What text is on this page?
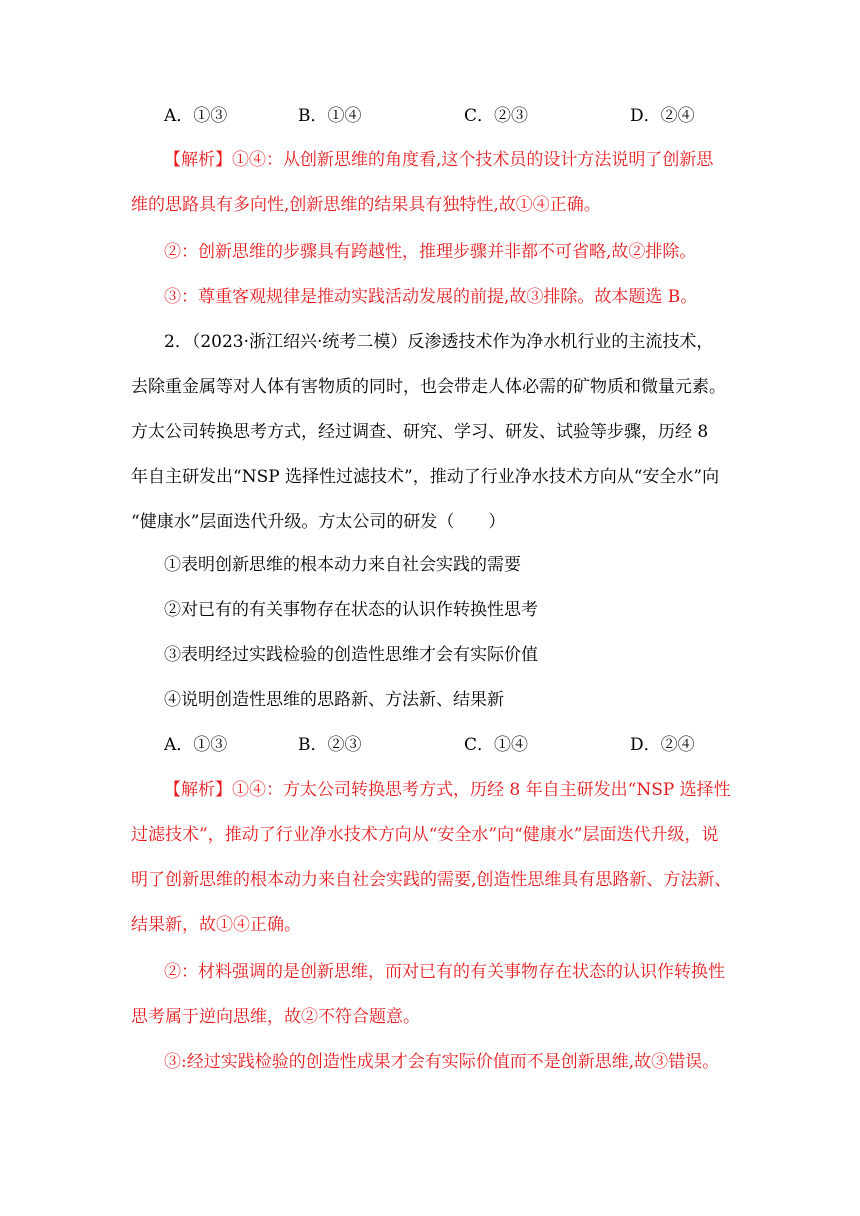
A．①③	B．①④	C．②③	D．②④
【解析】①④：从创新思维的角度看,这个技术员的设计方法说明了创新思
维的思路具有多向性,创新思维的结果具有独特性,故①④正确。
②：创新思维的步骤具有跨越性，推理步骤并非都不可省略,故②排除。
③：尊重客观规律是推动实践活动发展的前提,故③排除。故本题选 B。
2．（2023·浙江绍兴·统考二模）反渗透技术作为净水机行业的主流技术，
去除重金属等对人体有害物质的同时，也会带走人体必需的矿物质和微量元素。
方太公司转换思考方式，经过调查、研究、学习、研发、试验等步骤，历经 8
年自主研发出“NSP 选择性过滤技术”，推动了行业净水技术方向从“安全水”向
“健康水”层面迭代升级。方太公司的研发（　　）
①表明创新思维的根本动力来自社会实践的需要
②对已有的有关事物存在状态的认识作转换性思考
③表明经过实践检验的创造性思维才会有实际价值
④说明创造性思维的思路新、方法新、结果新
A．①③	B．②③	C．①④	D．②④
【解析】①④：方太公司转换思考方式，历经 8 年自主研发出“NSP 选择性
过滤技术”，推动了行业净水技术方向从“安全水”向“健康水”层面迭代升级，说
明了创新思维的根本动力来自社会实践的需要,创造性思维具有思路新、方法新、
结果新，故①④正确。
②：材料强调的是创新思维，而对已有的有关事物存在状态的认识作转换性
思考属于逆向思维，故②不符合题意。
③:经过实践检验的创造性成果才会有实际价值而不是创新思维,故③错误。
